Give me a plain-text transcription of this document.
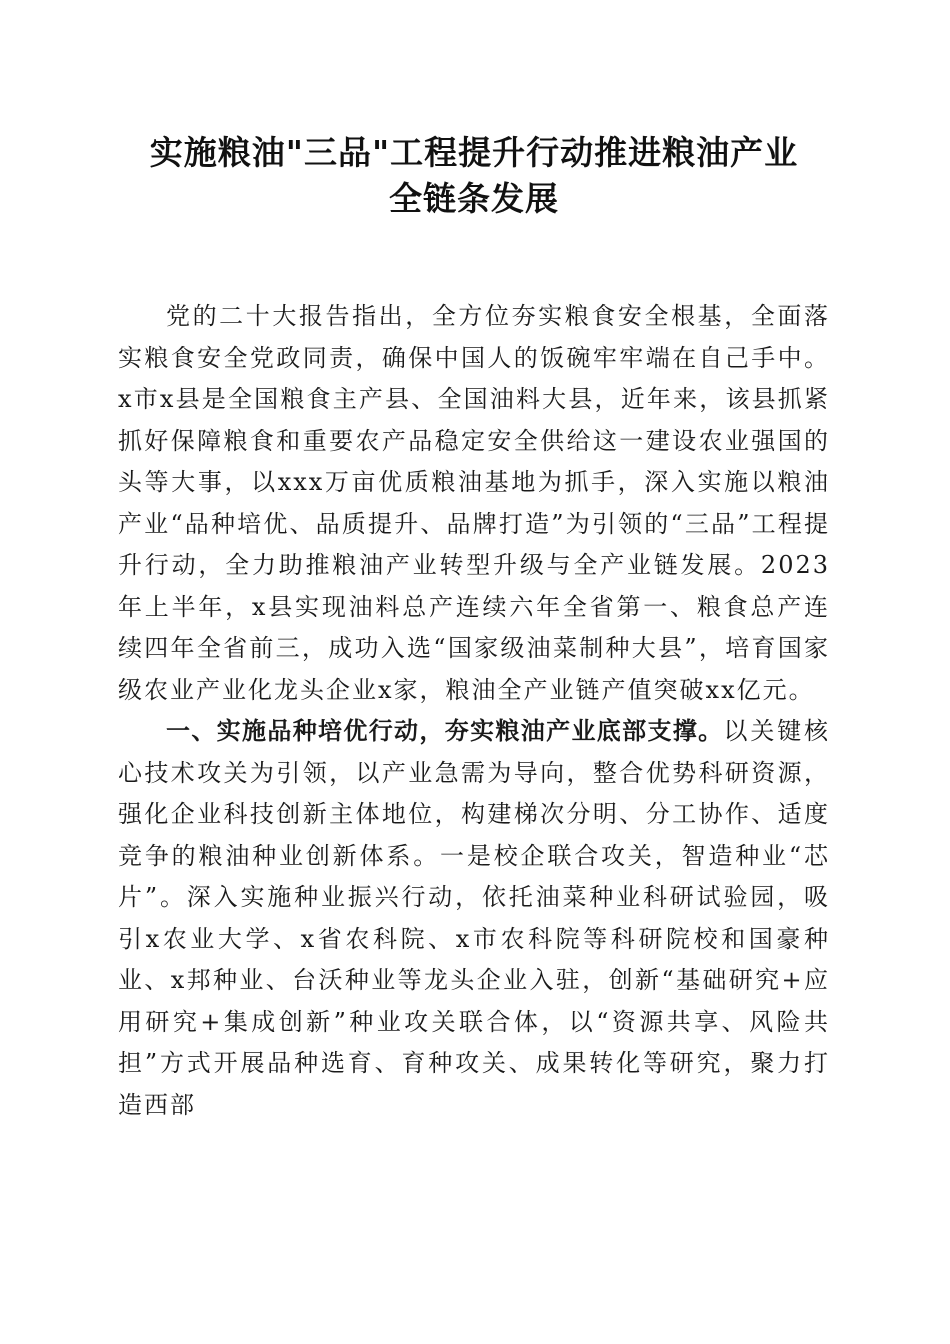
实施粮油"三品"工程提升行动推进粮油产业
全链条发展

党的二十大报告指出，全方位夯实粮食安全根基，全面落实粮食安全党政同责，确保中国人的饭碗牢牢端在自己手中。x市x县是全国粮食主产县、全国油料大县，近年来，该县抓紧抓好保障粮食和重要农产品稳定安全供给这一建设农业强国的头等大事，以xxx万亩优质粮油基地为抓手，深入实施以粮油产业“品种培优、品质提升、品牌打造”为引领的“三品”工程提升行动，全力助推粮油产业转型升级与全产业链发展。2023年上半年，x县实现油料总产连续六年全省第一、粮食总产连续四年全省前三，成功入选“国家级油菜制种大县”，培育国家级农业产业化龙头企业x家，粮油全产业链产值突破xx亿元。

一、实施品种培优行动，夯实粮油产业底部支撑。以关键核心技术攻关为引领，以产业急需为导向，整合优势科研资源，强化企业科技创新主体地位，构建梯次分明、分工协作、适度竞争的粮油种业创新体系。一是校企联合攻关，智造种业“芯片”。深入实施种业振兴行动，依托油菜种业科研试验园，吸引x农业大学、x省农科院、x市农科院等科研院校和国豪种业、x邦种业、台沃种业等龙头企业入驻，创新“基础研究+应用研究+集成创新”种业攻关联合体，以“资源共享、风险共担”方式开展品种选育、育种攻关、成果转化等研究，聚力打造西部
